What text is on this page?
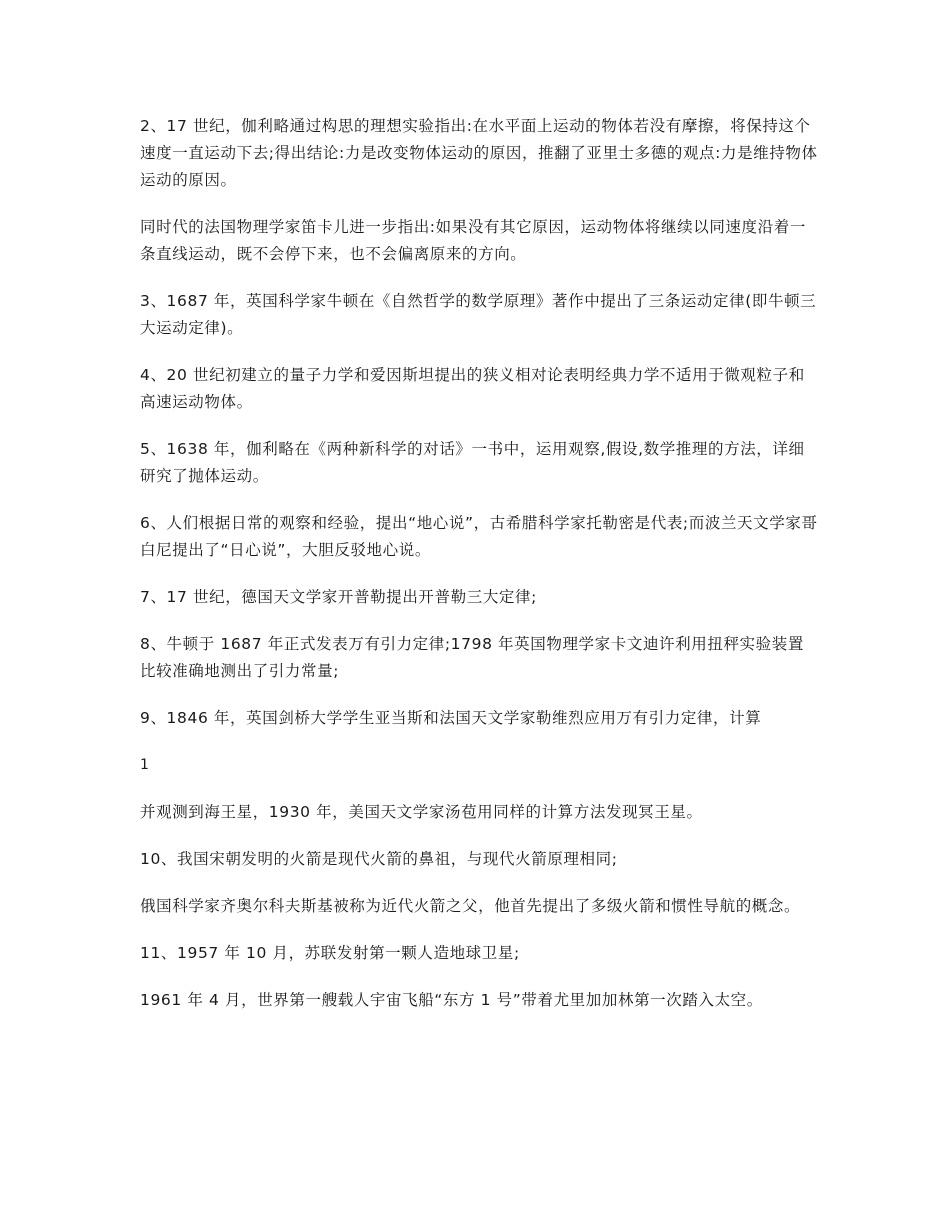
2、17 世纪，伽利略通过构思的理想实验指出:在水平面上运动的物体若没有摩擦，将保持这个速度一直运动下去;得出结论:力是改变物体运动的原因，推翻了亚里士多德的观点:力是维持物体运动的原因。

同时代的法国物理学家笛卡儿进一步指出:如果没有其它原因，运动物体将继续以同速度沿着一条直线运动，既不会停下来，也不会偏离原来的方向。

3、1687 年，英国科学家牛顿在《自然哲学的数学原理》著作中提出了三条运动定律(即牛顿三大运动定律)。

4、20 世纪初建立的量子力学和爱因斯坦提出的狭义相对论表明经典力学不适用于微观粒子和高速运动物体。

5、1638 年，伽利略在《两种新科学的对话》一书中，运用观察,假设,数学推理的方法，详细研究了抛体运动。

6、人们根据日常的观察和经验，提出“地心说”，古希腊科学家托勒密是代表;而波兰天文学家哥白尼提出了“日心说”，大胆反驳地心说。

7、17 世纪，德国天文学家开普勒提出开普勒三大定律;

8、牛顿于 1687 年正式发表万有引力定律;1798 年英国物理学家卡文迪许利用扭秤实验装置比较准确地测出了引力常量;

9、1846 年，英国剑桥大学学生亚当斯和法国天文学家勒维烈应用万有引力定律，计算

1

并观测到海王星，1930 年，美国天文学家汤苞用同样的计算方法发现冥王星。

10、我国宋朝发明的火箭是现代火箭的鼻祖，与现代火箭原理相同;

俄国科学家齐奥尔科夫斯基被称为近代火箭之父，他首先提出了多级火箭和惯性导航的概念。

11、1957 年 10 月，苏联发射第一颗人造地球卫星;

1961 年 4 月，世界第一艘载人宇宙飞船“东方 1 号”带着尤里加加林第一次踏入太空。
